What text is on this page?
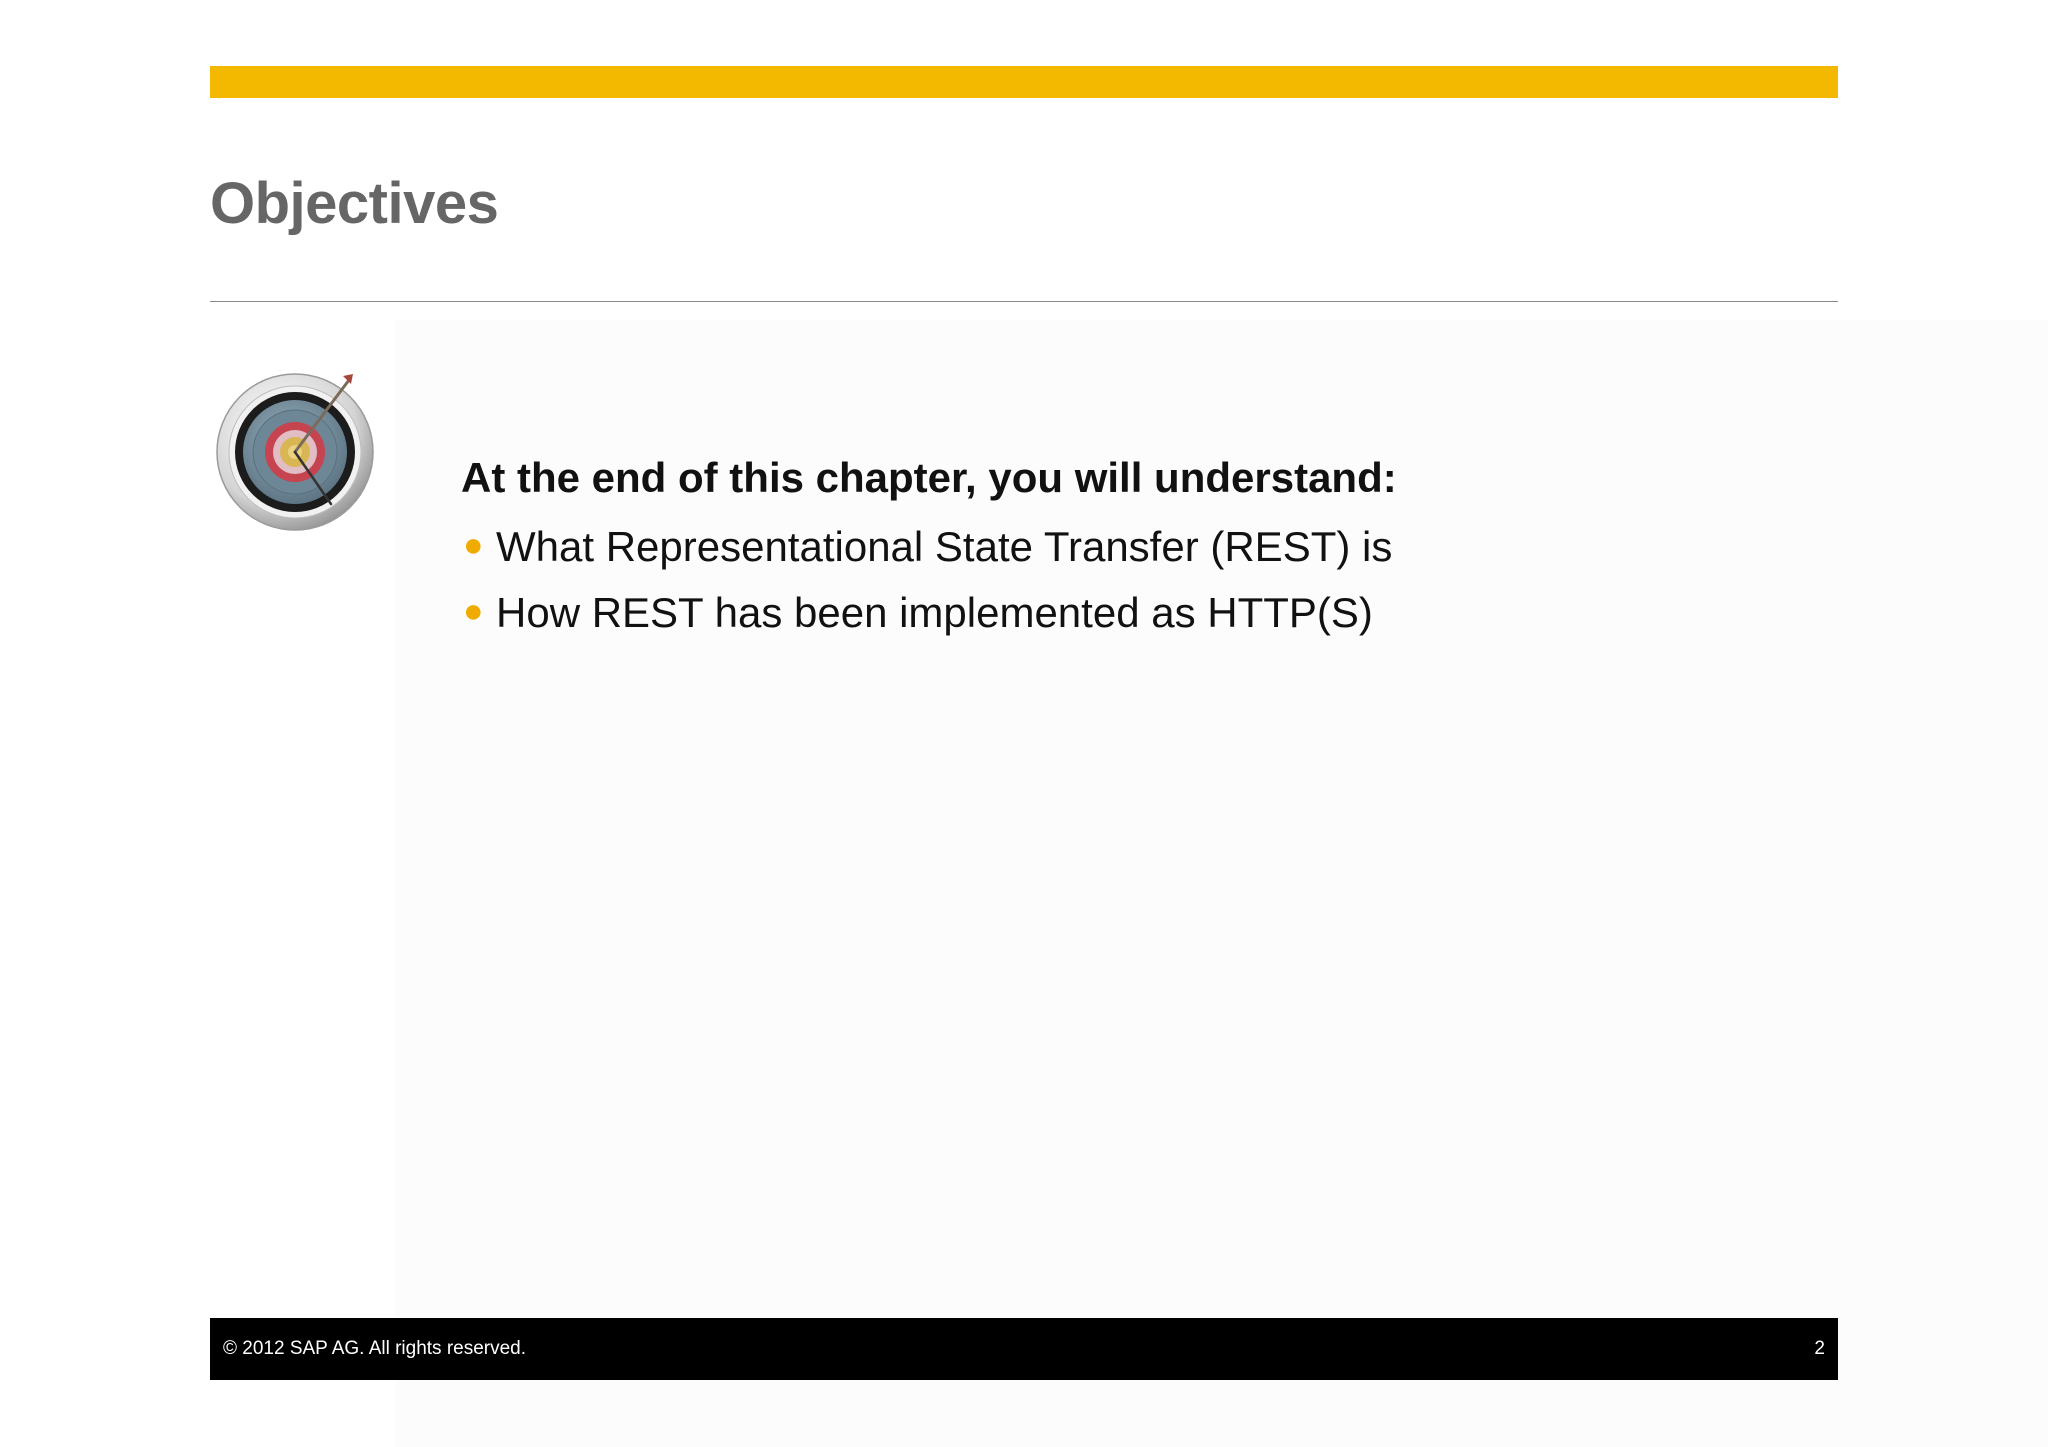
Objectives

At the end of this chapter, you will understand:

● What Representational State Transfer (REST) is
● How REST has been implemented as HTTP(S)
© 2012 SAP AG. All rights reserved.	2
